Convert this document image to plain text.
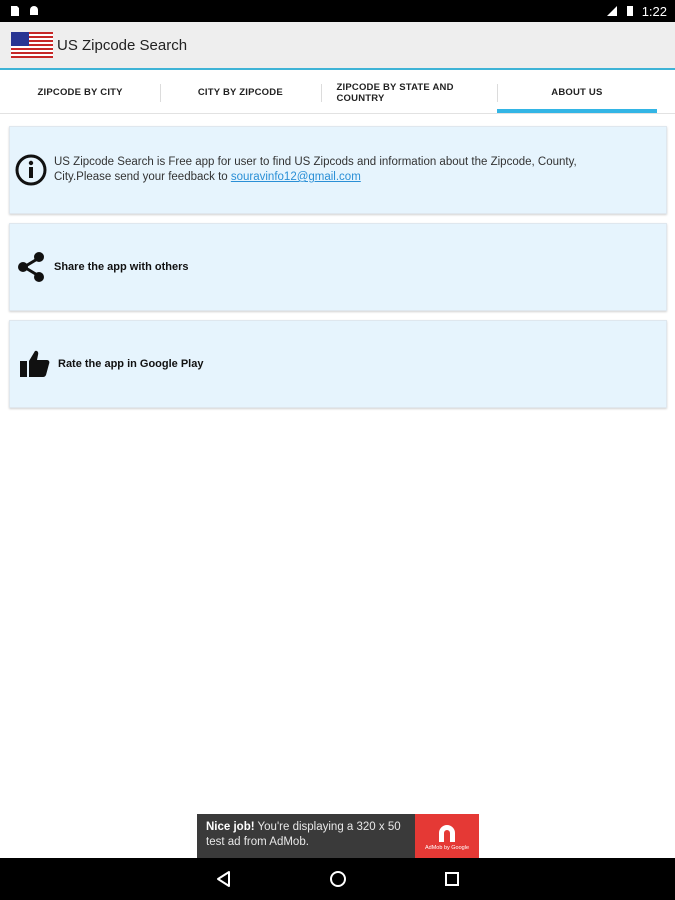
1:22
US Zipcode Search
ZIPCODE BY CITY	CITY BY ZIPCODE	ZIPCODE BY STATE AND COUNTRY	ABOUT US
US Zipcode Search is Free app for user to find US Zipcods and information about the Zipcode, County, City.Please send your feedback to souravinfo12@gmail.com
Share the app with others
Rate the app in Google Play
Nice job! You're displaying a 320 x 50 test ad from AdMob.	AdMob by Google
